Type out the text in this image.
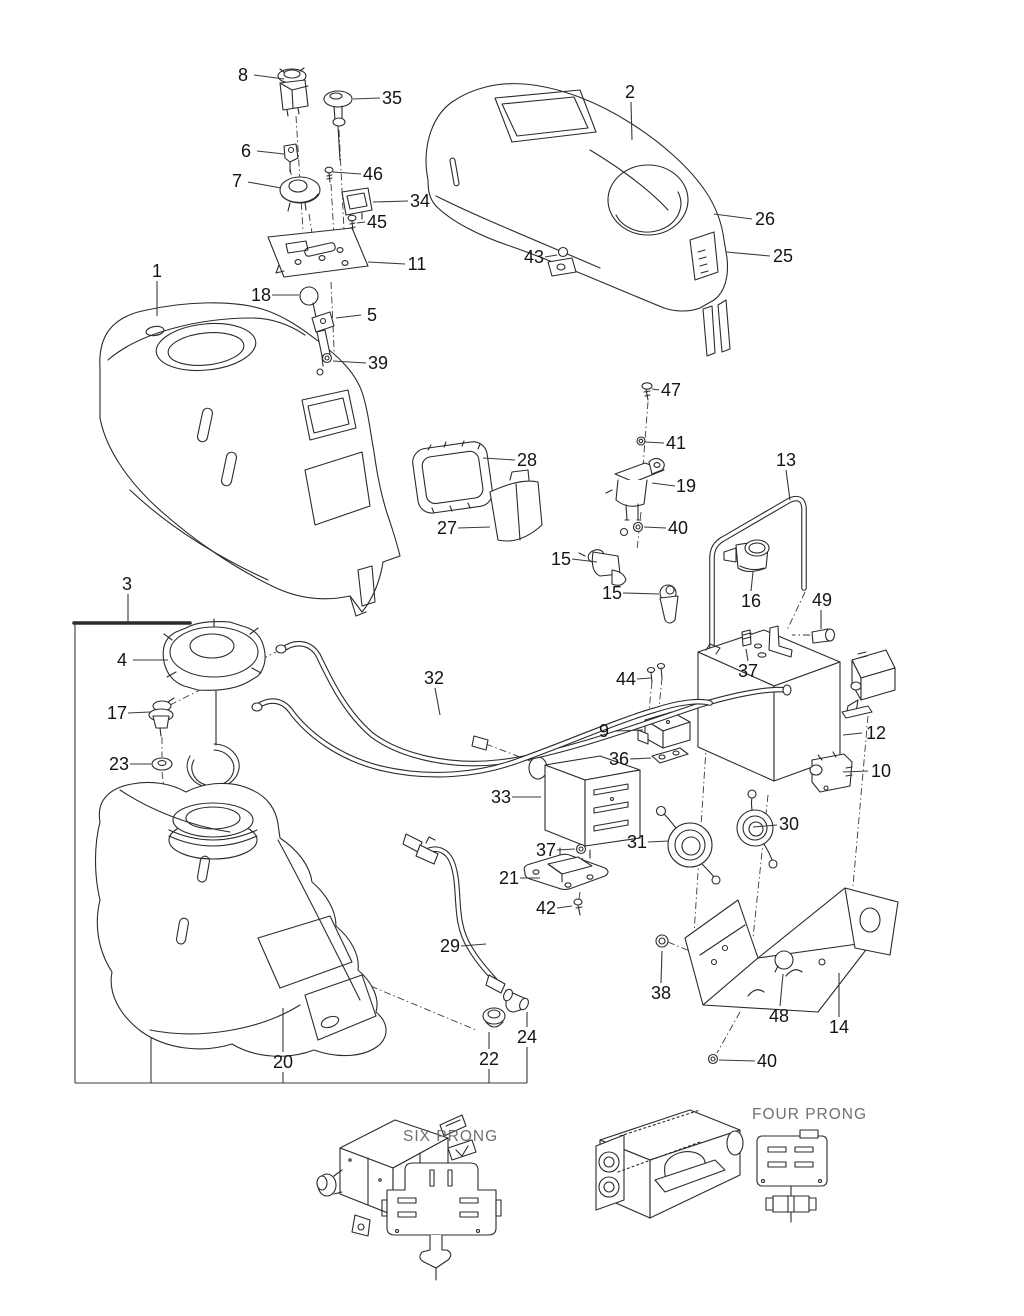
1
2
3
4
5
6
7
8
9
10
11
12
13
14
15
15	16
17
18
19
20
21
22
23
24
25
26
27
28
29
30
31
32
33
34
35
36
37
37
38
39
40
40
41
42
43
44
45
46
47
48
49
SIX PRONG
FOUR PRONG
